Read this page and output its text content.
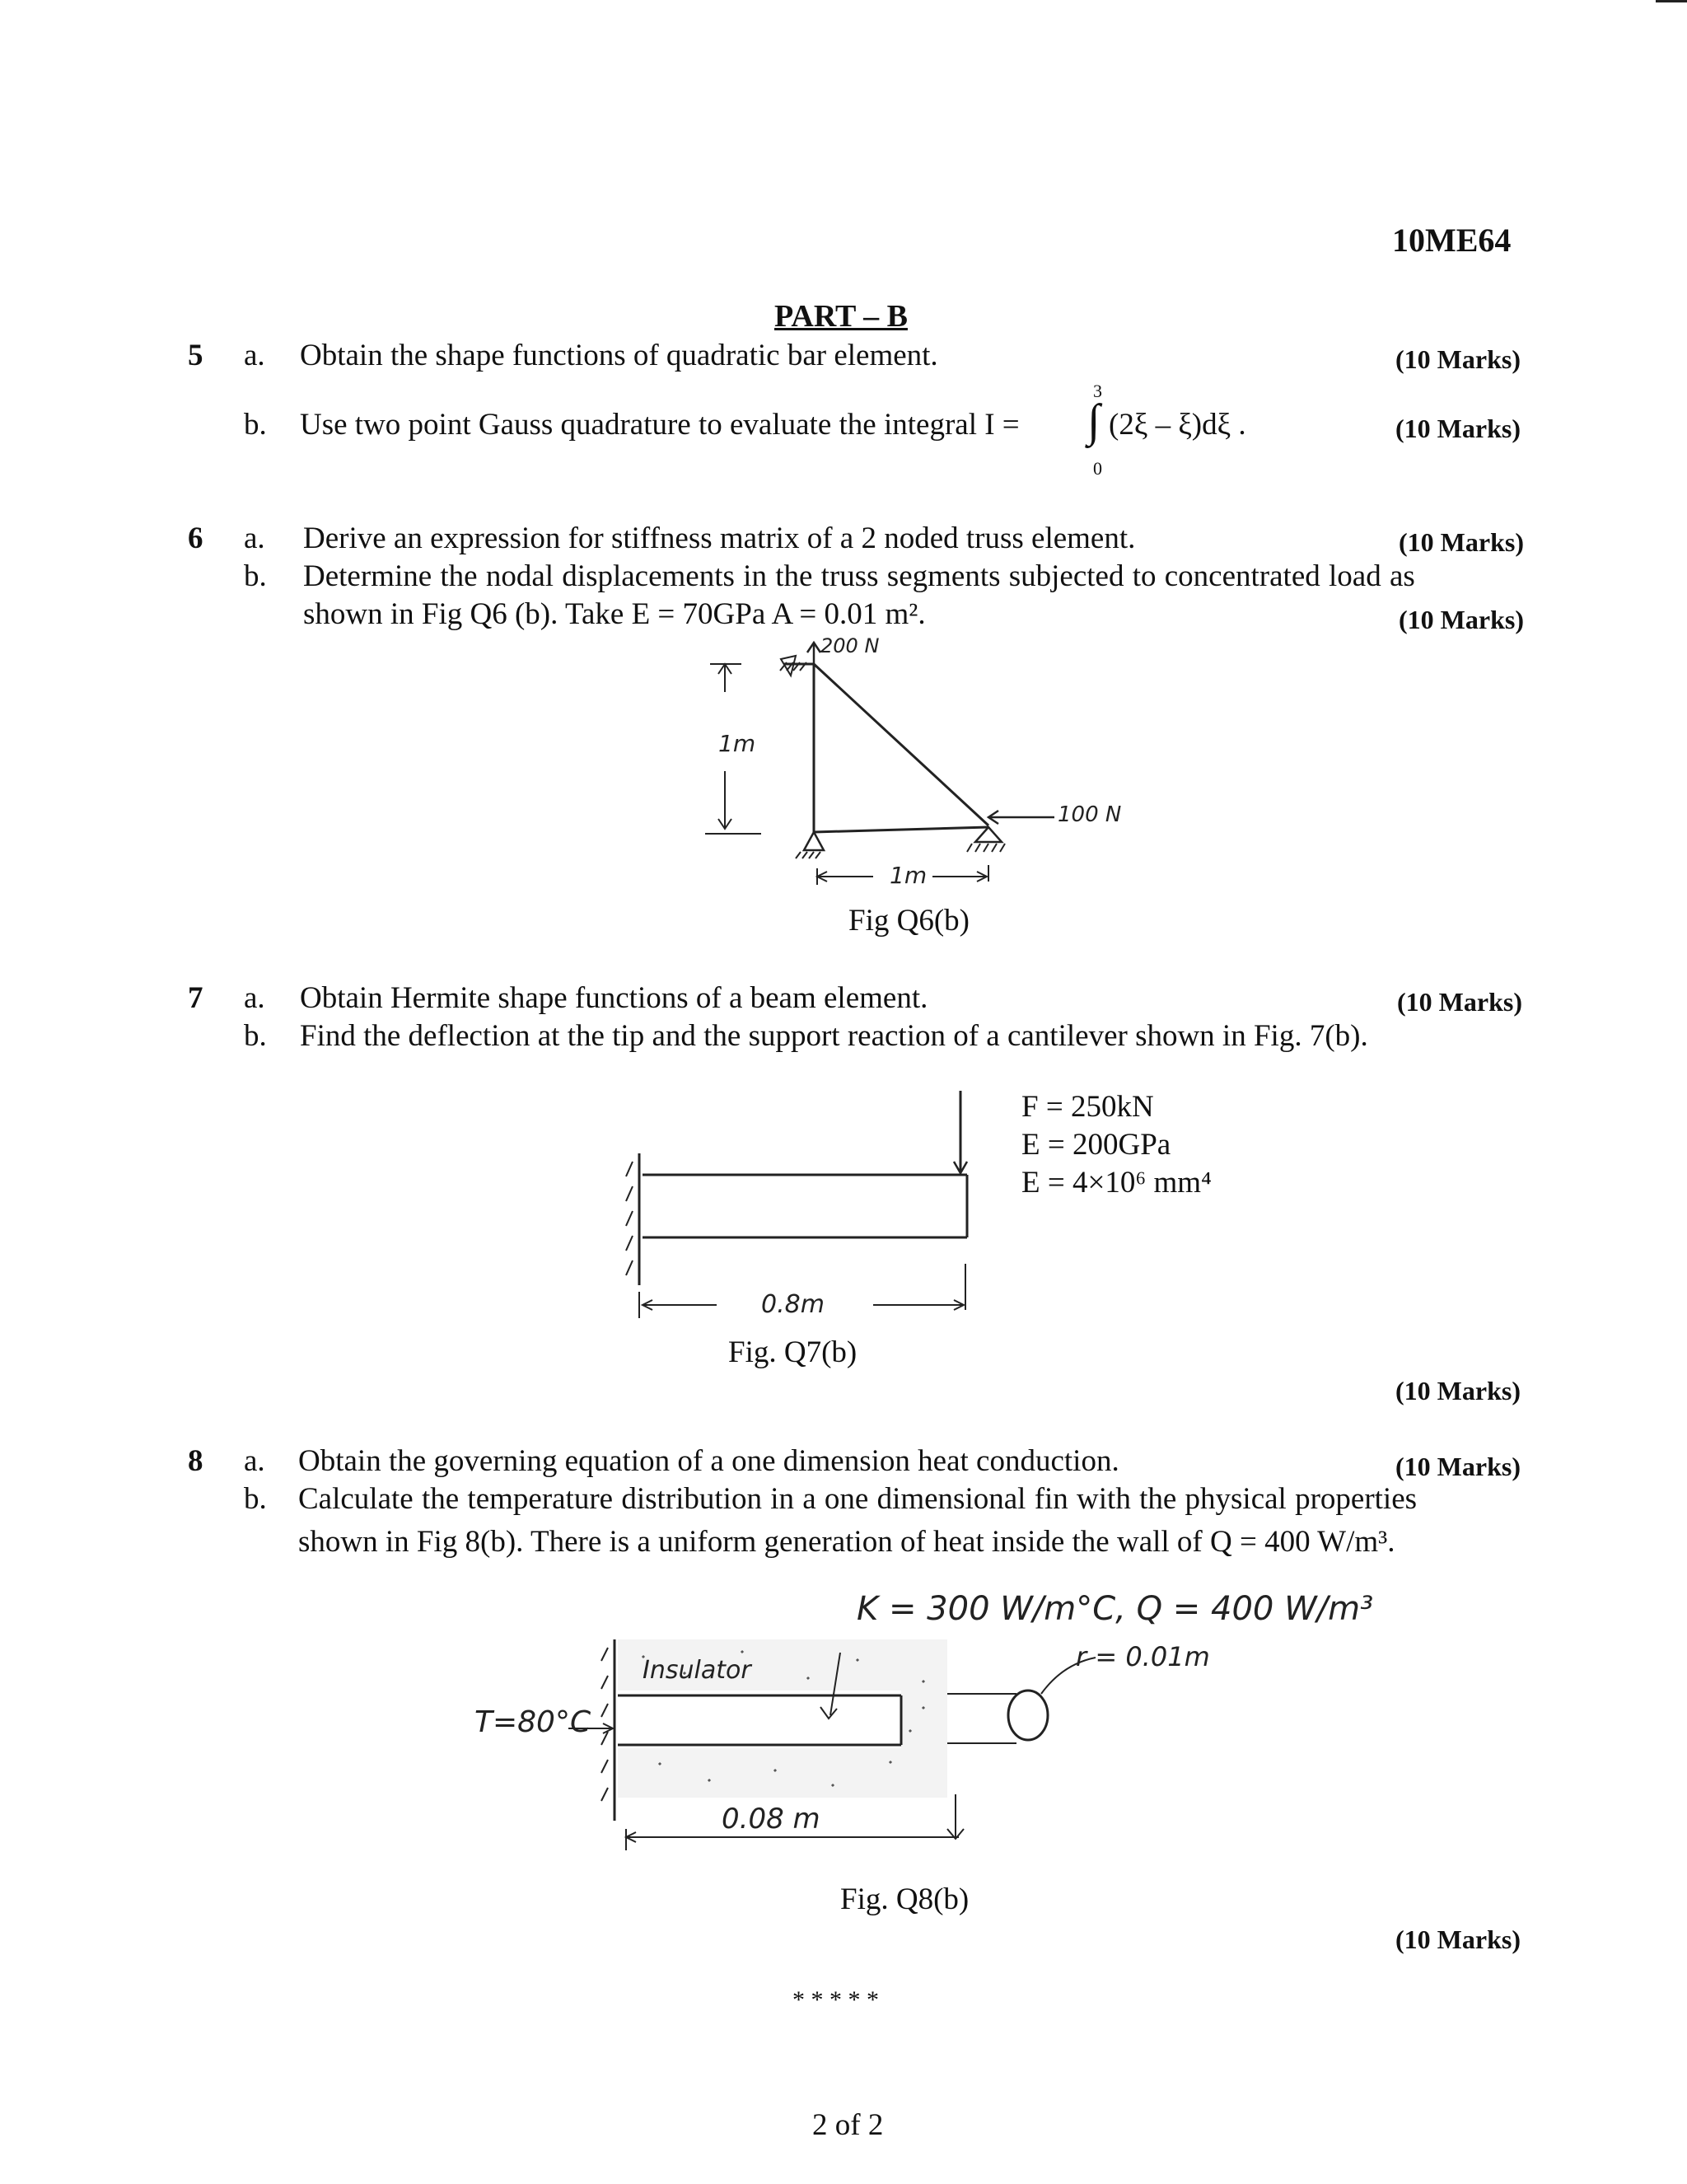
10ME64
PART – B
5 a. Obtain the shape functions of quadratic bar element.	(10 Marks)
b. Use two point Gauss quadrature to evaluate the integral I =
3
∫
0
(2ξ – ξ)dξ .	(10 Marks)
6 a. Derive an expression for stiffness matrix of a 2 noded truss element.	(10 Marks)
b. Determine the nodal displacements in the truss segments subjected to concentrated load as
shown in Fig Q6 (b). Take E = 70GPa A = 0.01 m².	(10 Marks)
200 N
100 N
1m
1m
Fig Q6(b)
7 a. Obtain Hermite shape functions of a beam element.	(10 Marks)
b. Find the deflection at the tip and the support reaction of a cantilever shown in Fig. 7(b).
F = 250kN
E = 200GPa
E = 4×10⁶ mm⁴
0.8m
Fig. Q7(b)
(10 Marks)
8 a. Obtain the governing equation of a one dimension heat conduction.	(10 Marks)
b. Calculate the temperature distribution in a one dimensional fin with the physical properties
shown in Fig 8(b). There is a uniform generation of heat inside the wall of Q = 400 W/m³.
K = 300 W/m°C, Q = 400 W/m³
r = 0.01m
T=80°C
Insulator
0.08 m
Fig. Q8(b)
(10 Marks)
* * * * *
2 of 2
